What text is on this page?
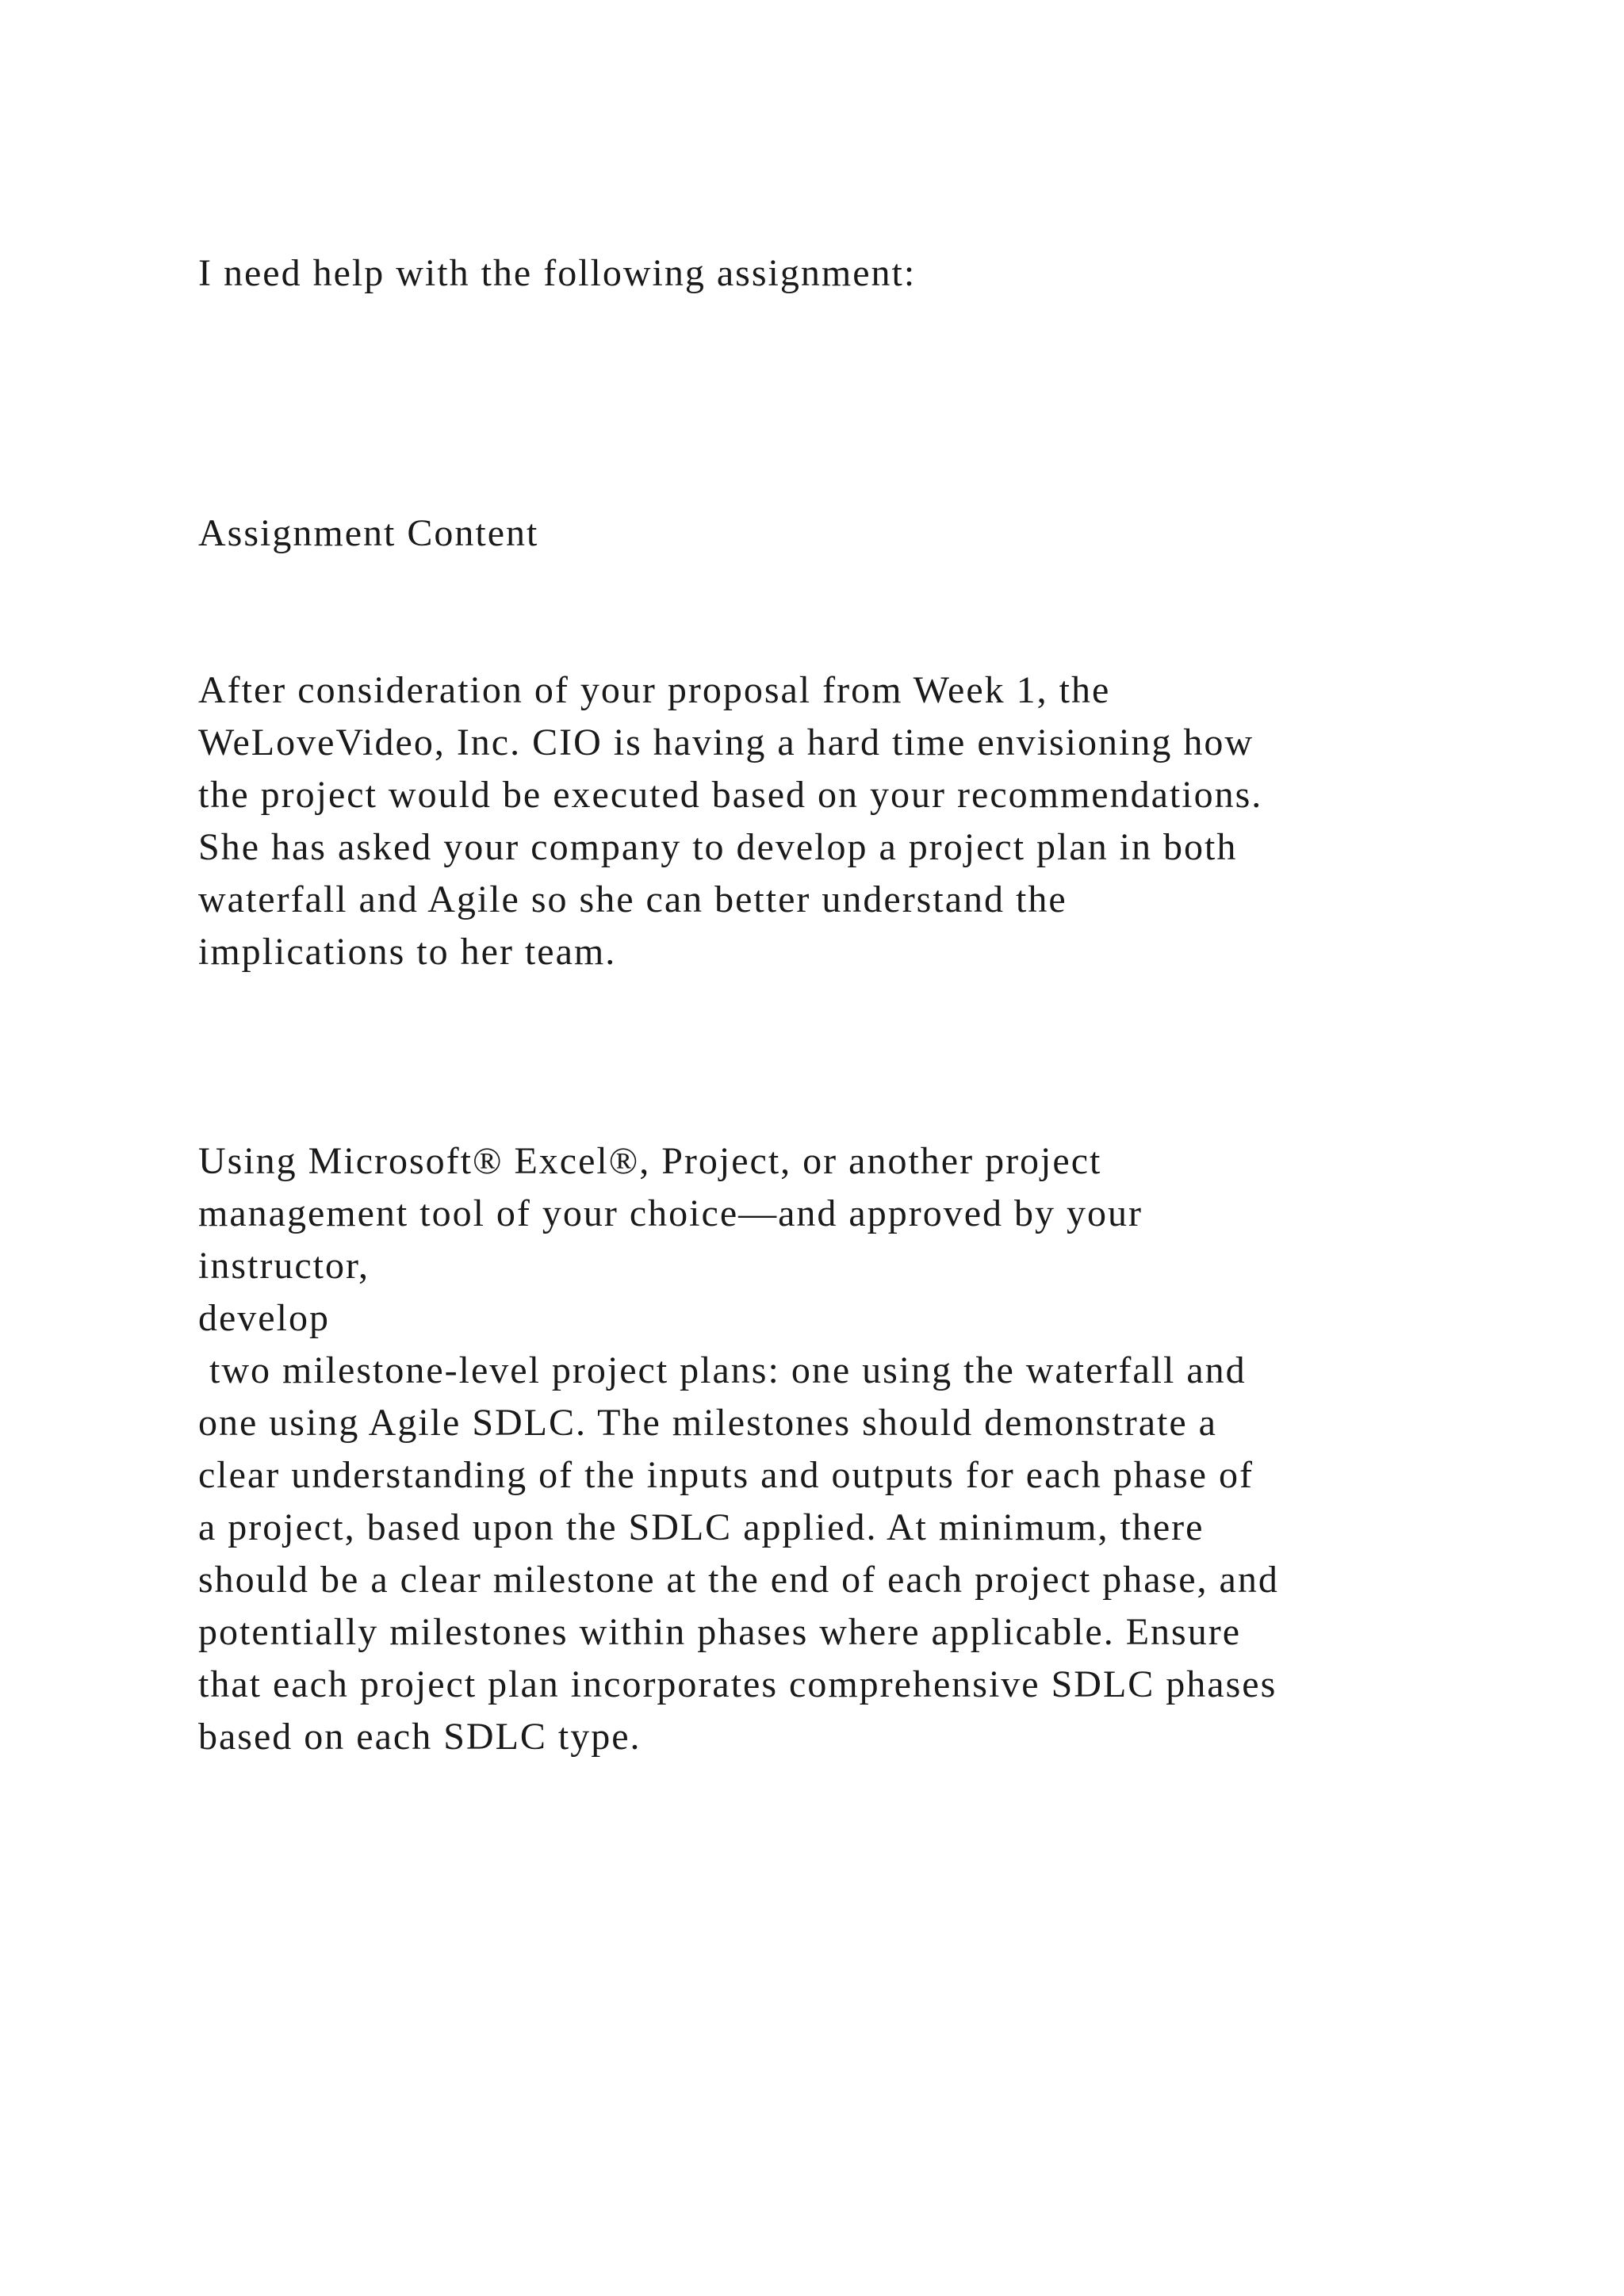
I need help with the following assignment:

Assignment Content

After consideration of your proposal from Week 1, the
WeLoveVideo, Inc. CIO is having a hard time envisioning how
the project would be executed based on your recommendations.
She has asked your company to develop a project plan in both
waterfall and Agile so she can better understand the
implications to her team.

Using Microsoft® Excel®, Project, or another project
management tool of your choice—and approved by your
instructor,
develop
two milestone-level project plans: one using the waterfall and
one using Agile SDLC. The milestones should demonstrate a
clear understanding of the inputs and outputs for each phase of
a project, based upon the SDLC applied. At minimum, there
should be a clear milestone at the end of each project phase, and
potentially milestones within phases where applicable. Ensure
that each project plan incorporates comprehensive SDLC phases
based on each SDLC type.
